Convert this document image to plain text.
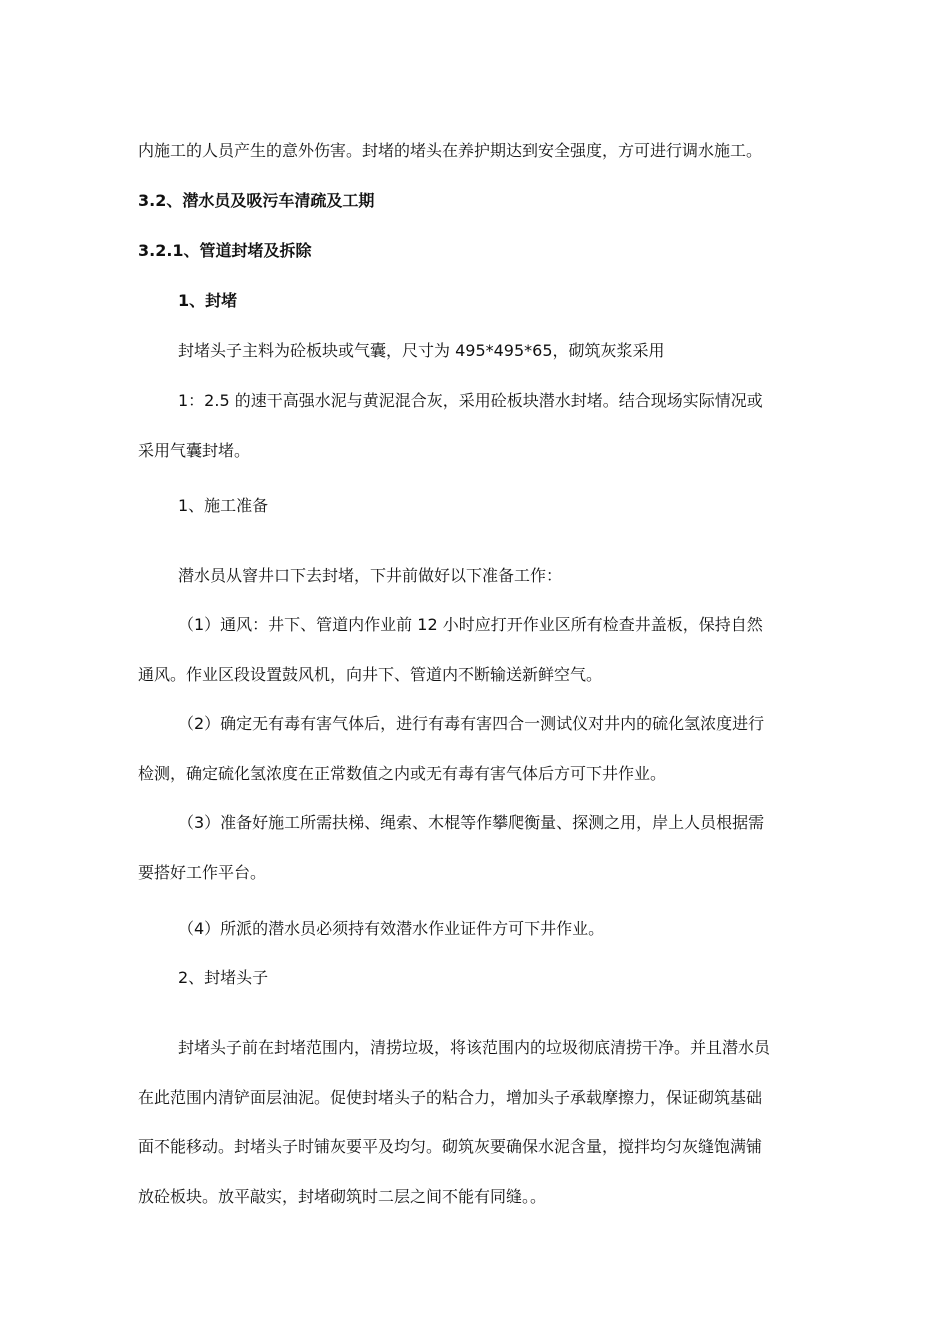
内施工的人员产生的意外伤害。封堵的堵头在养护期达到安全强度，方可进行调水施工。

3.2、潜水员及吸污车清疏及工期

3.2.1、管道封堵及拆除

1、封堵

封堵头子主料为砼板块或气囊，尺寸为 495*495*65，砌筑灰浆采用

1：2.5 的速干高强水泥与黄泥混合灰，采用砼板块潜水封堵。结合现场实际情况或

采用气囊封堵。

1、施工准备

潜水员从窨井口下去封堵，下井前做好以下准备工作：

（1）通风：井下、管道内作业前 12 小时应打开作业区所有检查井盖板，保持自然

通风。作业区段设置鼓风机，向井下、管道内不断输送新鲜空气。

（2）确定无有毒有害气体后，进行有毒有害四合一测试仪对井内的硫化氢浓度进行

检测，确定硫化氢浓度在正常数值之内或无有毒有害气体后方可下井作业。

（3）准备好施工所需扶梯、绳索、木棍等作攀爬衡量、探测之用，岸上人员根据需

要搭好工作平台。

（4）所派的潜水员必须持有效潜水作业证件方可下井作业。

2、封堵头子

封堵头子前在封堵范围内，清捞垃圾，将该范围内的垃圾彻底清捞干净。并且潜水员

在此范围内清铲面层油泥。促使封堵头子的粘合力，增加头子承载摩擦力，保证砌筑基础

面不能移动。封堵头子时铺灰要平及均匀。砌筑灰要确保水泥含量，搅拌均匀灰缝饱满铺

放砼板块。放平敲实，封堵砌筑时二层之间不能有同缝。。
